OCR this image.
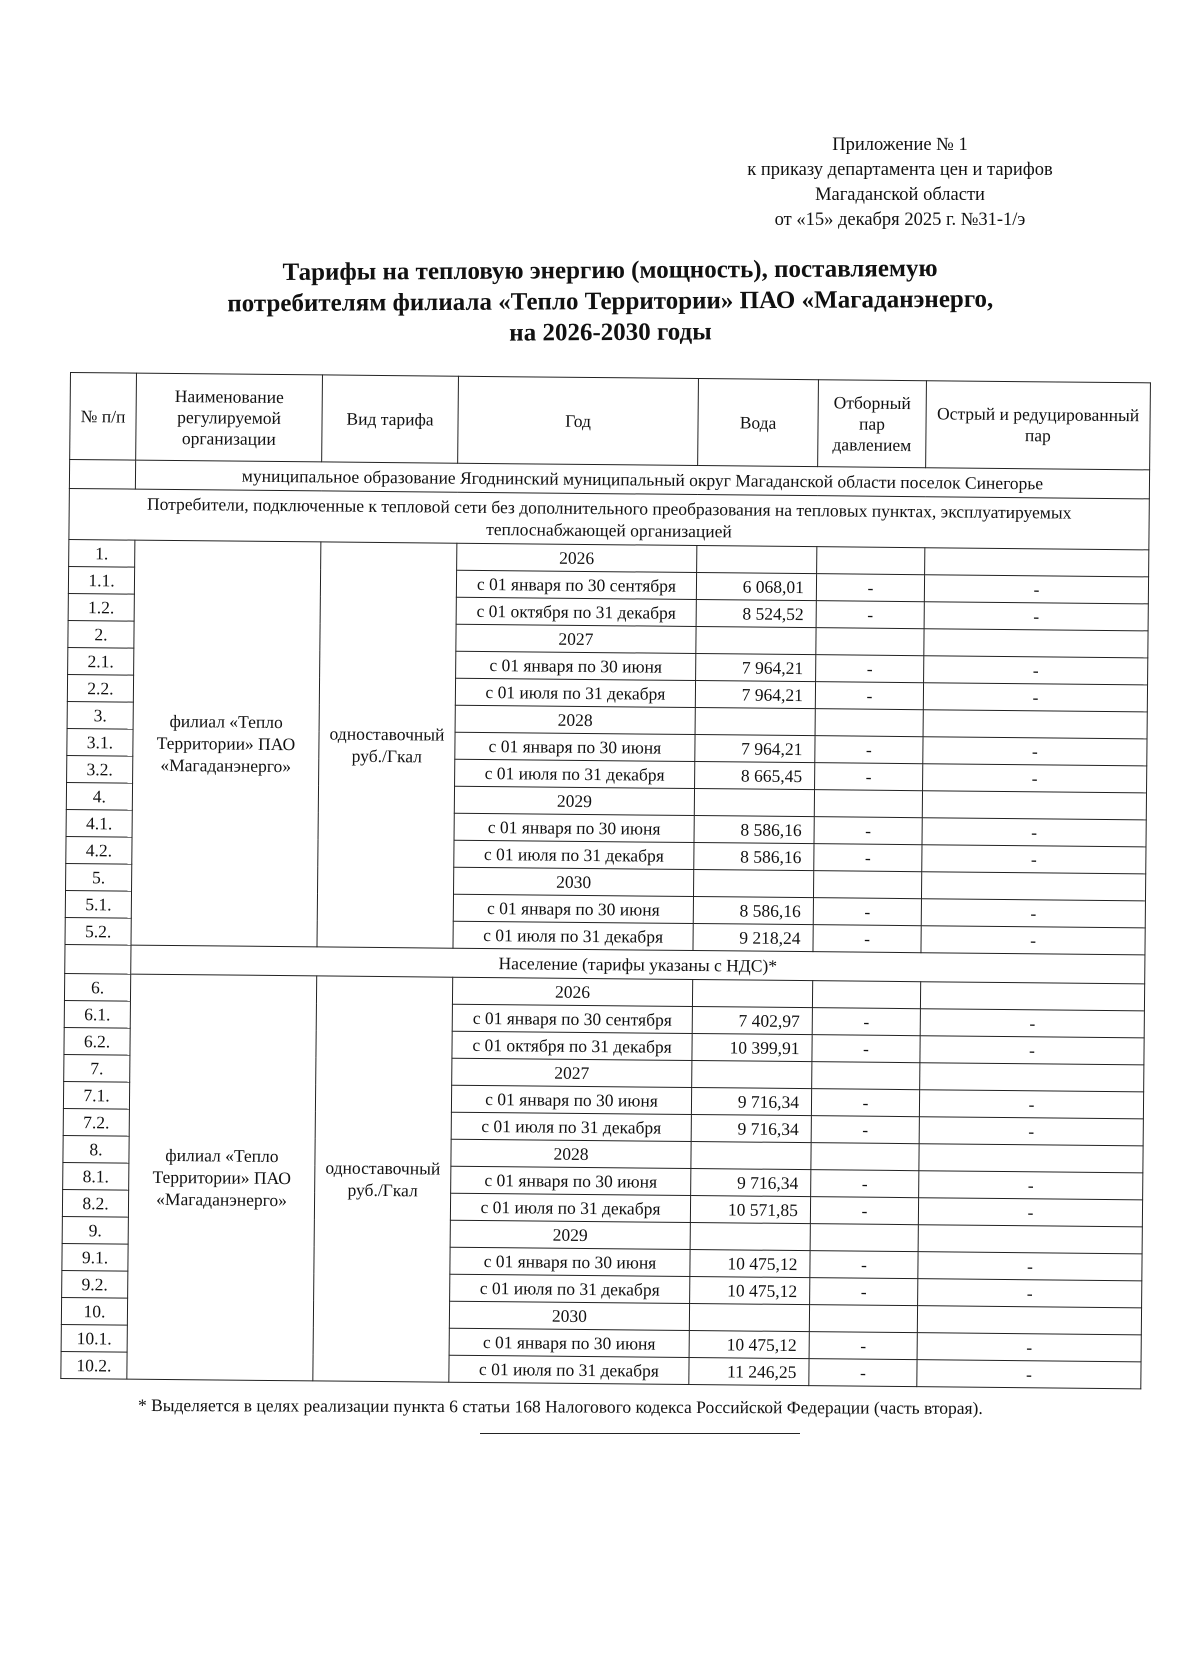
Приложение № 1
к приказу департамента цен и тарифов
Магаданской области
от «15» декабря 2025 г. №31-1/э
Тарифы на тепловую энергию (мощность), поставляемую
потребителям филиала «Тепло Территории» ПАО «Магаданэнерго,
на 2026-2030 годы
№ п/п	Наименование регулируемой организации	Вид тарифа	Год	Вода	Отборный пар давлением	Острый и редуцированный пар
	муниципальное образование Ягоднинский муниципальный округ Магаданской области поселок Синегорье					
Потребители, подключенные к тепловой сети без дополнительного преобразования на тепловых пунктах, эксплуатируемых теплоснабжающей организацией						
1.	филиал «Тепло Территории» ПАО «Магаданэнерго»	одноставочный руб./Гкал	2026			
1.1.			с 01 января по 30 сентября	6 068,01	-	-
1.2.			с 01 октября по 31 декабря	8 524,52	-	-
2.			2027			
2.1.			с 01 января по 30 июня	7 964,21	-	-
2.2.			с 01 июля по 31 декабря	7 964,21	-	-
3.			2028			
3.1.			с 01 января по 30 июня	7 964,21	-	-
3.2.			с 01 июля по 31 декабря	8 665,45	-	-
4.			2029			
4.1.			с 01 января по 30 июня	8 586,16	-	-
4.2.			с 01 июля по 31 декабря	8 586,16	-	-
5.			2030			
5.1.			с 01 января по 30 июня	8 586,16	-	-
5.2.			с 01 июля по 31 декабря	9 218,24	-	-
	Население (тарифы указаны с НДС)*					
6.	филиал «Тепло Территории» ПАО «Магаданэнерго»	одноставочный руб./Гкал	2026			
6.1.			с 01 января по 30 сентября	7 402,97	-	-
6.2.			с 01 октября по 31 декабря	10 399,91	-	-
7.			2027			
7.1.			с 01 января по 30 июня	9 716,34	-	-
7.2.			с 01 июля по 31 декабря	9 716,34	-	-
8.			2028			
8.1.			с 01 января по 30 июня	9 716,34	-	-
8.2.			с 01 июля по 31 декабря	10 571,85	-	-
9.			2029			
9.1.			с 01 января по 30 июня	10 475,12	-	-
9.2.			с 01 июля по 31 декабря	10 475,12	-	-
10.			2030			
10.1.			с 01 января по 30 июня	10 475,12	-	-
10.2.			с 01 июля по 31 декабря	11 246,25	-	-
* Выделяется в целях реализации пункта 6 статьи 168 Налогового кодекса Российской Федерации (часть вторая).
